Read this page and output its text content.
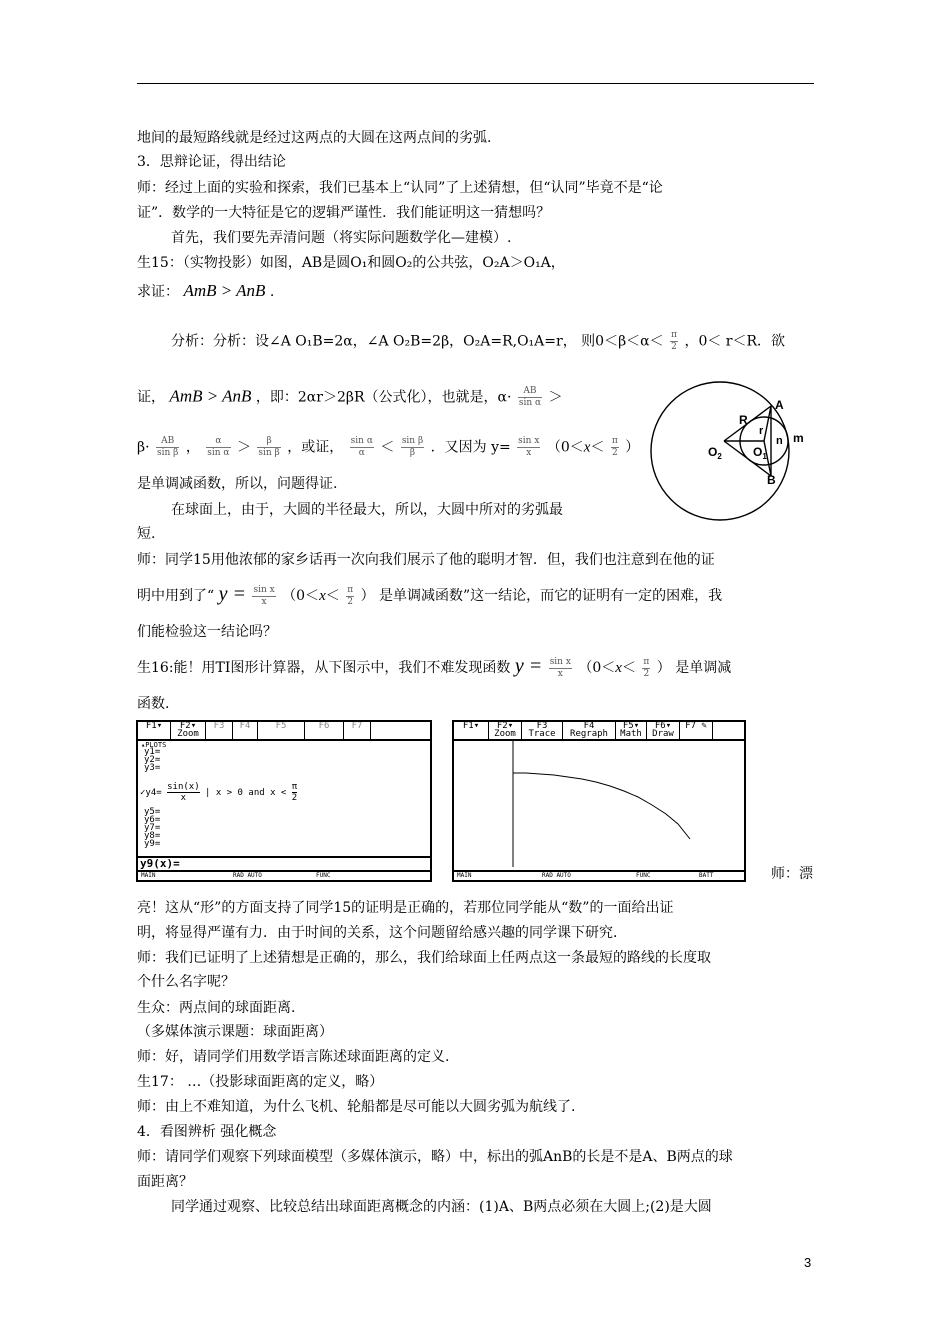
地间的最短路线就是经过这两点的大圆在这两点间的劣弧.
3．思辩论证，得出结论
师：经过上面的实验和探索，我们已基本上“认同”了上述猜想，但“认同”毕竟不是“论
证”．数学的一大特征是它的逻辑严谨性．我们能证明这一猜想吗？
首先，我们要先弄清问题（将实际问题数学化—建模）.
生15：（实物投影）如图，AB是圆O₁和圆O₂的公共弦，O₂A＞O₁A，
求证： AmB > AnB .
分析：分析：设∠A O₁B=2α，∠A O₂B=2β，O₂A=R,O₁A=r， 则$0<\beta<\alpha< \frac{\pi}{2}$ ，0＜ r＜R．欲
证， AmB > AnB ，即：2αr＞2βR（公式化），也就是，$\alpha\cdot \frac{AB}{\text{sin α}}$ ＞
$\beta\cdot \frac{AB}{\text{sin β}}$ ， $\frac{\alpha}{\text{sin α}} > \frac{\beta}{\text{sin β}}$ ，或证， $\frac{\text{sin α}}{\alpha} < \frac{\text{sin β}}{\beta}$ ．又因为 $y= \frac{\text{sin x}}{x} (0<x< \frac{\pi}{2}$ ）
是单调减函数，所以，问题得证.
在球面上，由于，大圆的半径最大，所以，大圆中所对的劣弧最
短.
A
B
R
r
n m
$O_2$	$O_1$
师：同学15用他浓郁的家乡话再一次向我们展示了他的聪明才智．但，我们也注意到在他的证
明中用到了“ $y = \frac{\text{sin x}}{x} (0<x< \frac{\pi}{2}$ ） 是单调减函数”这一结论，而它的证明有一定的困难，我
们能检验这一结论吗？
生16:能！用TI图形计算器，从下图示中，我们不难发现函数 $y = \frac{\text{sin x}}{x} (0<x< \frac{\pi}{2}$ ） 是单调减
函数.
F1▾	F2▾ Zoom
F3	F4	F5	F6	F7
▴PLOTS
y1=
y2=
y3=
✓y4= $\frac{\sin(x)}{x}$ | x > 0 and $x < \frac{\pi}{2}$
y5=
y6=
y7=
y8=
y9=
y9(x)=
MAIN	RAD AUTO	FUNC
F1▾	F2▾ Zoom
F3 Trace
F4 Regraph
F5▾ Math
F6▾ Draw
F7 ✎
MAIN	RAD AUTO	FUNC	BATT	师：漂
亮！这从“形”的方面支持了同学15的证明是正确的，若那位同学能从“数”的一面给出证
明，将显得严谨有力．由于时间的关系，这个问题留给感兴趣的同学课下研究．
师：我们已证明了上述猜想是正确的，那么，我们给球面上任两点这一条最短的路线的长度取
个什么名字呢？
生众：两点间的球面距离.
（多媒体演示课题：球面距离）
师：好，请同学们用数学语言陈述球面距离的定义.
生17： …（投影球面距离的定义，略）
师：由上不难知道，为什么飞机、轮船都是尽可能以大圆劣弧为航线了.
4．看图辨析 强化概念
师：请同学们观察下列球面模型（多媒体演示，略）中，标出的弧AnB的长是不是A、B两点的球
面距离？
同学通过观察、比较总结出球面距离概念的内涵：(1)A、B两点必须在大圆上;(2)是大圆
3
